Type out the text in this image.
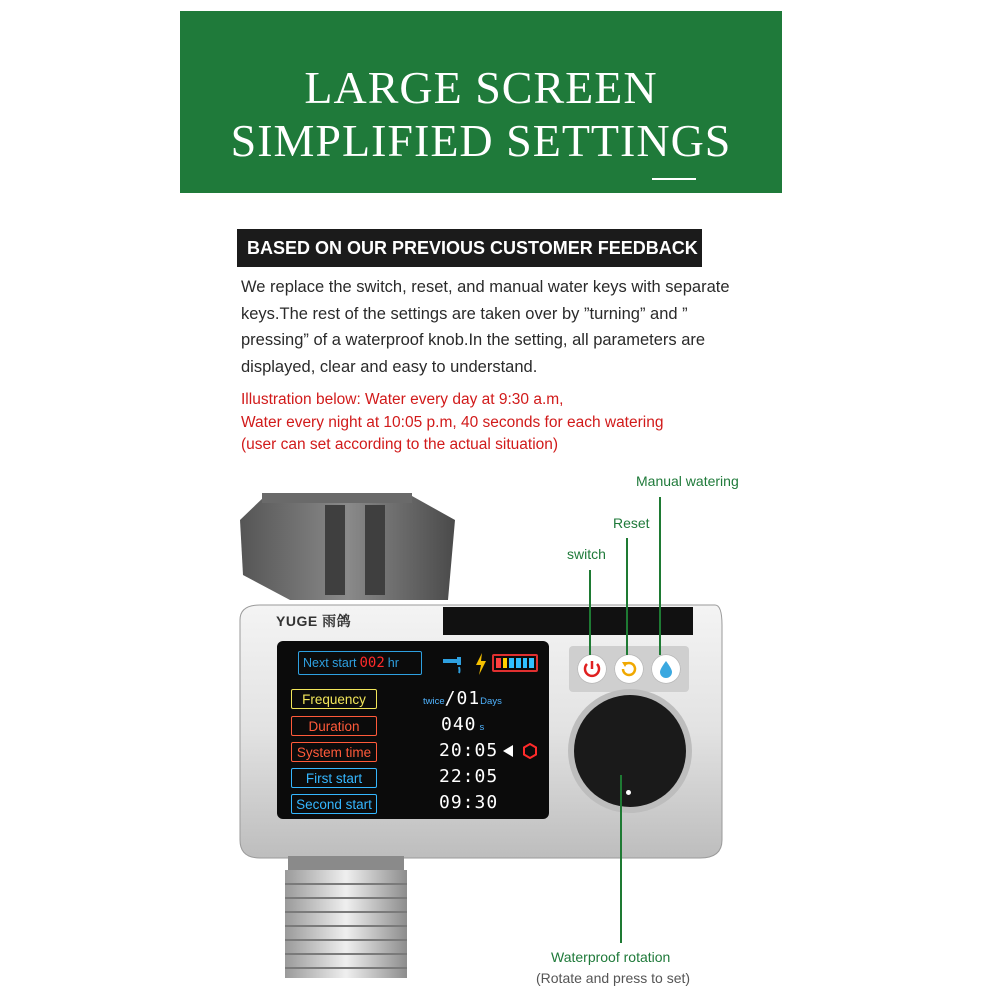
LARGE SCREEN
SIMPLIFIED SETTINGS
BASED ON OUR PREVIOUS CUSTOMER FEEDBACK
We replace the switch, reset, and manual water keys with separate
keys.The rest of the settings are taken over by ”turning” and ”
pressing” of a waterproof knob.In the setting, all parameters are
displayed, clear and easy to understand.
Illustration below: Water every day at 9:30 a.m,
Water every night at 10:05 p.m, 40 seconds for each watering
(user can set according to the actual situation)
YUGE 雨鸽
Next start 002 hr
Frequency
Duration
System time
First start
Second start
twice/01Days
040 s
20:05
22:05
09:30
Manual watering
Reset
switch
Waterproof rotation
(Rotate and press to set)
